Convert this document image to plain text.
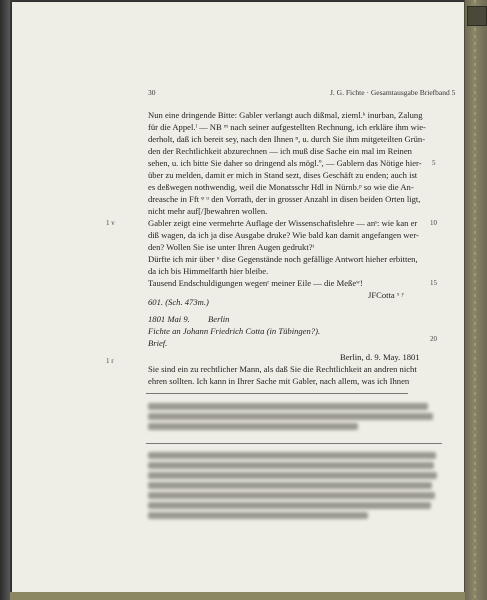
30	J. G. Fichte · Gesamtausgabe Briefband 5
Nun eine dringende Bitte: Gabler verlangt auch dißmal, zieml.ᵏ inurban, Zalung
für die Appel.ˡ — NB ᵐ nach seiner aufgestellten Rechnung, ich erkläre ihm wie-
derholt, daß ich bereit sey, nach den Ihnen ⁿ, u. durch Sie ihm mitgeteilten Grün-
den der Rechtlichkeit abzurechnen — ich muß dise Sache ein mal im Reinen
sehen, u. ich bitte Sie daher so dringend als mögl.º, — Gablern das Nötige hier-
über zu melden, damit er mich in Stand sezt, dises Geschäft zu enden; auch ist
es deßwegen nothwendig, weil die Monatsschr Hdl in Nürnb.ᵖ so wie die An-
dreasche in Fft ᵠ ᵘ den Vorrath, der in grosser Anzahl in disen beiden Orten ligt,
nicht mehr auf[/]bewahren wollen.
Gabler zeigt eine vermehrte Auflage der Wissenschaftslehre — anˢ: wie kan er
diß wagen, da ich ja dise Ausgabe druke? Wie bald kan damit angefangen wer-
den? Wollen Sie ise unter Ihren Augen gedrukt?ᵗ
Dürfte ich mir über ᵘ dise Gegenstände noch gefällige Antwort hieher erbitten,
da ich bis Himmelfarth hier bleibe.
Tausend Endschuldigungen wegenʳ meiner Eile — die Meßeʷ!
JFCotta ˣ ʸ
5
1 v	10
15
20
1 r
601. (Sch. 473m.)
1801 Mai 9. Berlin
Fichte an Johann Friedrich Cotta (in Tübingen?).
Brief.
Berlin, d. 9. May. 1801
Sie sind ein zu rechtlicher Mann, als daß Sie die Rechtlichkeit an andren nicht
ehren sollten. Ich kann in Ihrer Sache mit Gabler, nach allem, was ich Ihnen
